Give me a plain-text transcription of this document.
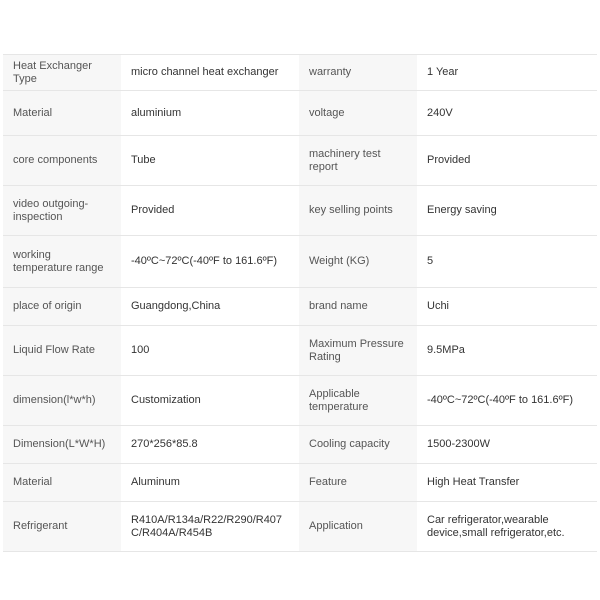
Heat Exchanger Type	micro channel heat exchanger	warranty	1 Year
Material	aluminium	voltage	240V
core components	Tube	machinery test report	Provided
video outgoing-inspection	Provided	key selling points	Energy saving
working temperature range	-40ºC~72ºC(-40ºF to 161.6ºF)	Weight (KG)	5
place of origin	Guangdong,China	brand name	Uchi
Liquid Flow Rate	100	Maximum Pressure Rating	9.5MPa
dimension(l*w*h)	Customization	Applicable temperature	-40ºC~72ºC(-40ºF to 161.6ºF)
Dimension(L*W*H)	270*256*85.8	Cooling capacity	1500-2300W
Material	Aluminum	Feature	High Heat Transfer
Refrigerant	R410A/R134a/R22/R290/R407C/R404A/R454B	Application	Car refrigerator,wearable device,small refrigerator,etc.
